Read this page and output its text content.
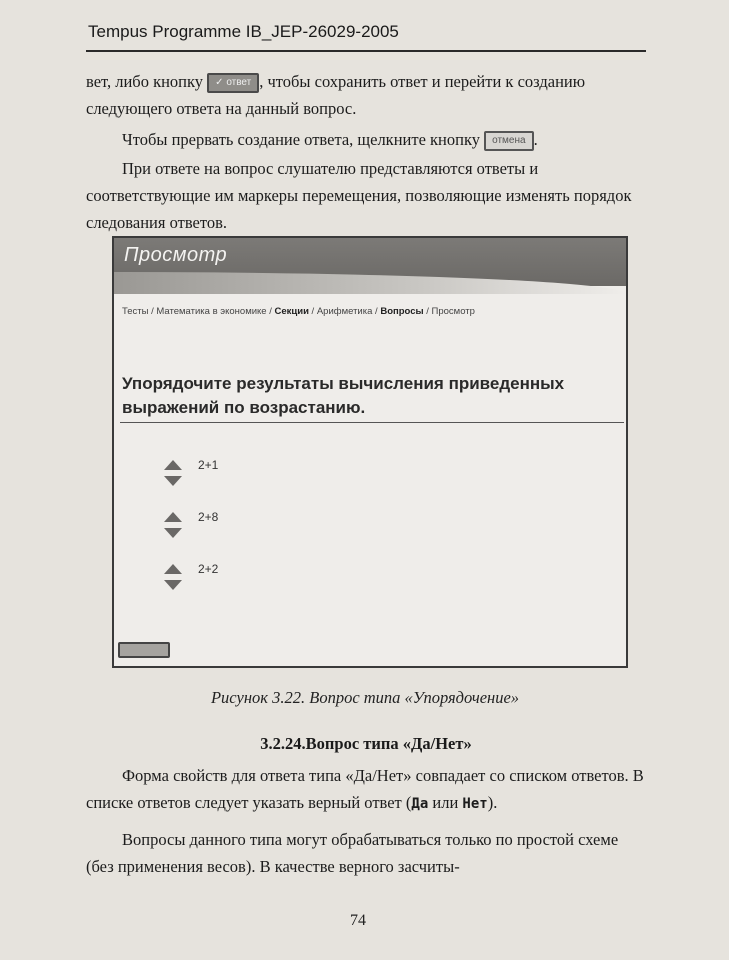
Tempus Programme IB_JEP-26029-2005
вет, либо кнопку ✓ ответ , чтобы сохранить ответ и перейти к созданию следующего ответа на данный вопрос.
Чтобы прервать создание ответа, щелкните кнопку отмена .
При ответе на вопрос слушателю представляются ответы и соответствующие им маркеры перемещения, позволяющие изменять порядок следования ответов.
Просмотр
Тесты / Математика в экономике / Секции / Арифметика / Вопросы / Просмотр
Упорядочите результаты вычисления приведенных выражений по возрастанию.
2+1
2+8
2+2
Рисунок 3.22. Вопрос типа «Упорядочение»
3.2.24.Вопрос типа «Да/Нет»
Форма свойств для ответа типа «Да/Нет» совпадает со списком ответов. В списке ответов следует указать верный ответ (Да или Нет).
Вопросы данного типа могут обрабатываться только по простой схеме (без применения весов). В качестве верного засчиты-
74
